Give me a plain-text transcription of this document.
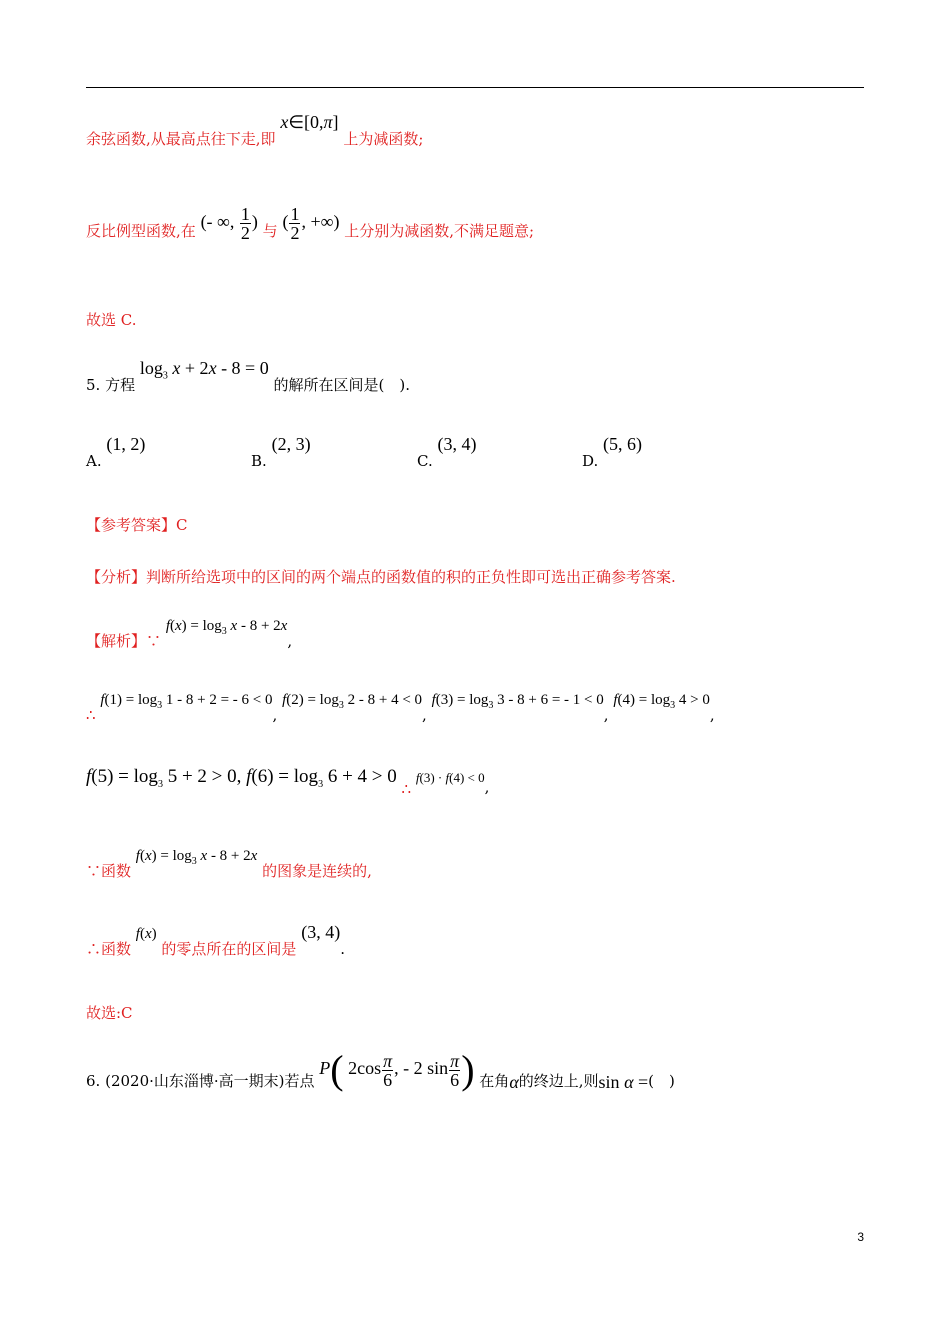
余弦函数,从最高点往下走,即 x∈[0,π] 上为减函数;
反比例型函数,在 (- ∞, $\frac{1}{2}$ ) 与 ( $\frac{1}{2}$ , +∞) 上分别为减函数,不满足题意;
故选 C.
5. 方程 $\log_3 x + 2x - 8 = 0$ 的解所在区间是(　).
A. (1, 2)
B. (2, 3)
C. (3, 4)
D. (5, 6)
【参考答案】C
【分析】判断所给选项中的区间的两个端点的函数值的积的正负性即可选出正确参考答案.
【解析】∵ $f(x) = \log_3 x - 8 + 2x$,
∴ $f(1) = \log_3 1 - 8 + 2$ = - 6 < 0, $f(2) = \log_3 2 - 8 + 4 < 0$, $f(3) = \log_3 3 - 8 + 6$ = - 1 < 0, $f(4) = \log_3 4 > 0$,
$f(5) = \log_3 5 + 2 > 0$, $f(6) = \log_3 6 + 4 > 0$ ∴ f(3) · f(4) < 0,
∵函数 $f(x) = \log_3 x - 8 + 2x$ 的图象是连续的,
∴函数 f(x) 的零点所在的区间是 (3, 4).
故选:C
6. (2020·山东淄博·高一期末)若点 P( $2\cos \frac{\pi}{6}$ , - 2 $\sin \frac{\pi}{6}$ ) 在角α的终边上,则sin α =(　)
3
